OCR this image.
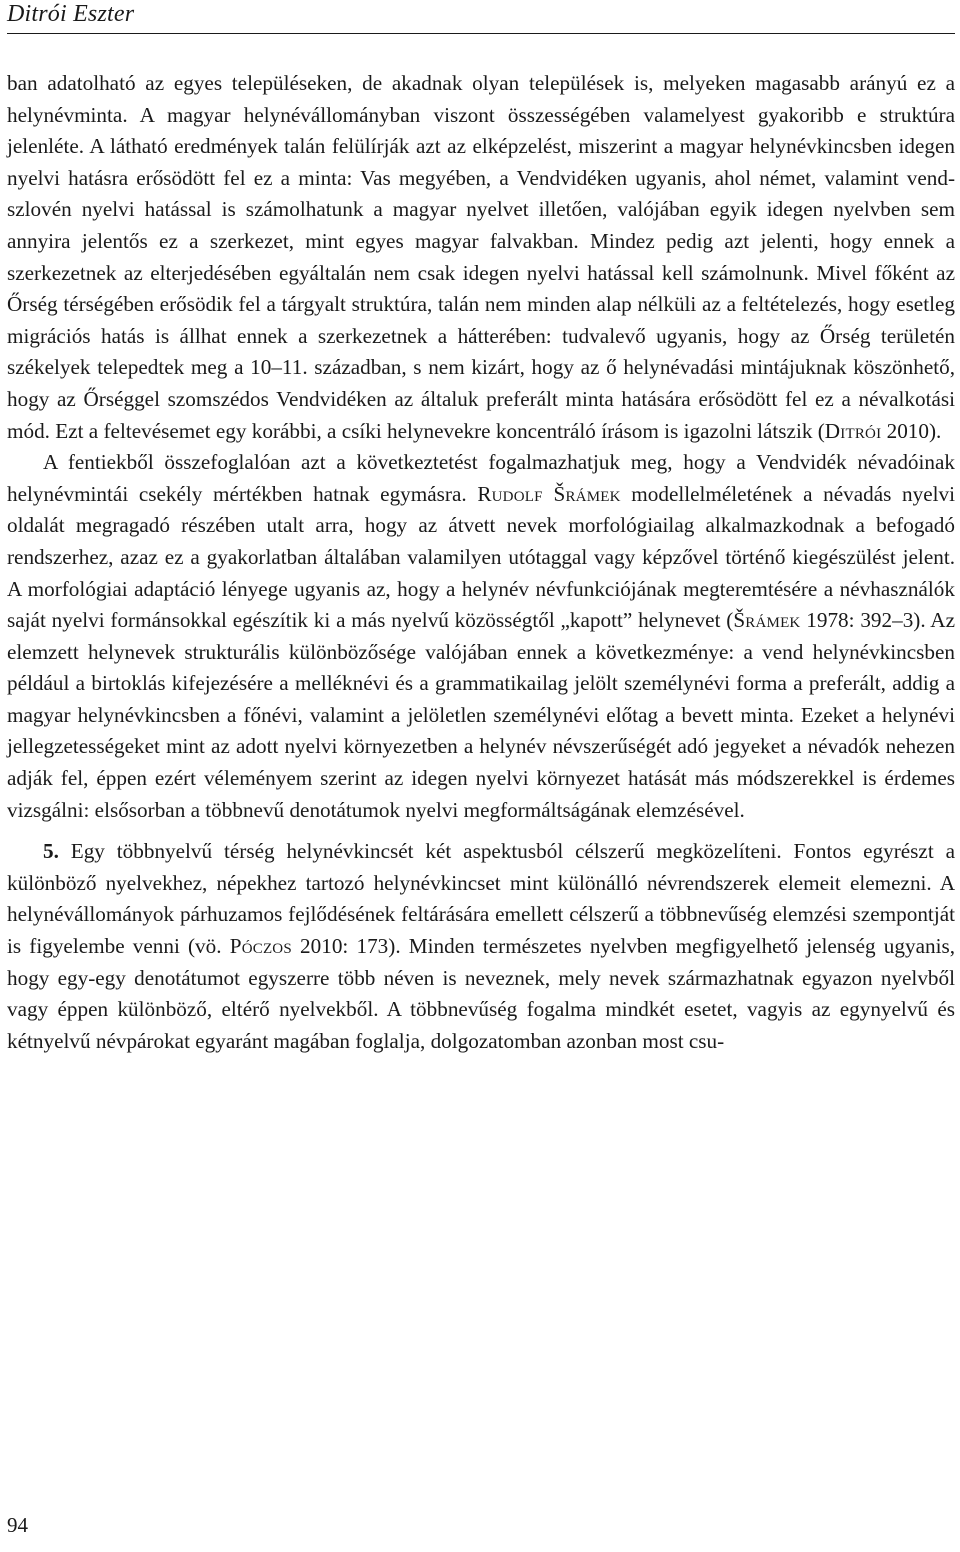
Ditrói Eszter

ban adatolható az egyes településeken, de akadnak olyan települések is, melyeken magasabb arányú ez a helynévminta. A magyar helynévállományban viszont összességében valamelyest gyakoribb e struktúra jelenléte. A látható eredmények talán felülírják azt az elképzelést, miszerint a magyar helynévkincsben idegen nyelvi hatásra erősödött fel ez a minta: Vas megyében, a Vendvidéken ugyanis, ahol német, valamint vend-szlovén nyelvi hatással is számolhatunk a magyar nyelvet illetően, valójában egyik idegen nyelvben sem annyira jelentős ez a szerkezet, mint egyes magyar falvakban. Mindez pedig azt jelenti, hogy ennek a szerkezetnek az elterjedésében egyáltalán nem csak idegen nyelvi hatással kell számolnunk. Mivel főként az Őrség térségében erősödik fel a tárgyalt struktúra, talán nem minden alap nélküli az a feltételezés, hogy esetleg migrációs hatás is állhat ennek a szerkezetnek a hátterében: tudvalevő ugyanis, hogy az Őrség területén székelyek telepedtek meg a 10–11. században, s nem kizárt, hogy az ő helynévadási mintájuknak köszönhető, hogy az Őrséggel szomszédos Vendvidéken az általuk preferált minta hatására erősödött fel ez a névalkotási mód. Ezt a feltevésemet egy korábbi, a csíki helynevekre koncentráló írásom is igazolni látszik (Ditrói 2010).

A fentiekből összefoglalóan azt a következtetést fogalmazhatjuk meg, hogy a Vendvidék névadóinak helynévmintái csekély mértékben hatnak egymásra. Rudolf Šrámek modellelméletének a névadás nyelvi oldalát megragadó részében utalt arra, hogy az átvett nevek morfológiailag alkalmazkodnak a befogadó rendszerhez, azaz ez a gyakorlatban általában valamilyen utótaggal vagy képzővel történő kiegészülést jelent. A morfológiai adaptáció lényege ugyanis az, hogy a helynév névfunkciójának megteremtésére a névhasználók saját nyelvi formánsokkal egészítik ki a más nyelvű közösségtől „kapott” helynevet (Šrámek 1978: 392–3). Az elemzett helynevek strukturális különbözősége valójában ennek a következménye: a vend helynévkincsben például a birtoklás kifejezésére a melléknévi és a grammatikailag jelölt személynévi forma a preferált, addig a magyar helynévkincsben a főnévi, valamint a jelöletlen személynévi előtag a bevett minta. Ezeket a helynévi jellegzetességeket mint az adott nyelvi környezetben a helynév névszerűségét adó jegyeket a névadók nehezen adják fel, éppen ezért véleményem szerint az idegen nyelvi környezet hatását más módszerekkel is érdemes vizsgálni: elsősorban a többnevű denotátumok nyelvi megformáltságának elemzésével.

5. Egy többnyelvű térség helynévkincsét két aspektusból célszerű megközelíteni. Fontos egyrészt a különböző nyelvekhez, népekhez tartozó helynévkincset mint különálló névrendszerek elemeit elemezni. A helynévállományok párhuzamos fejlődésének feltárására emellett célszerű a többnevűség elemzési szempontját is figyelembe venni (vö. Póczos 2010: 173). Minden természetes nyelvben megfigyelhető jelenség ugyanis, hogy egy-egy denotátumot egyszerre több néven is neveznek, mely nevek származhatnak egyazon nyelvből vagy éppen különböző, eltérő nyelvekből. A többnevűség fogalma mindkét esetet, vagyis az egynyelvű és kétnyelvű névpárokat egyaránt magában foglalja, dolgozatomban azonban most csu-

94
